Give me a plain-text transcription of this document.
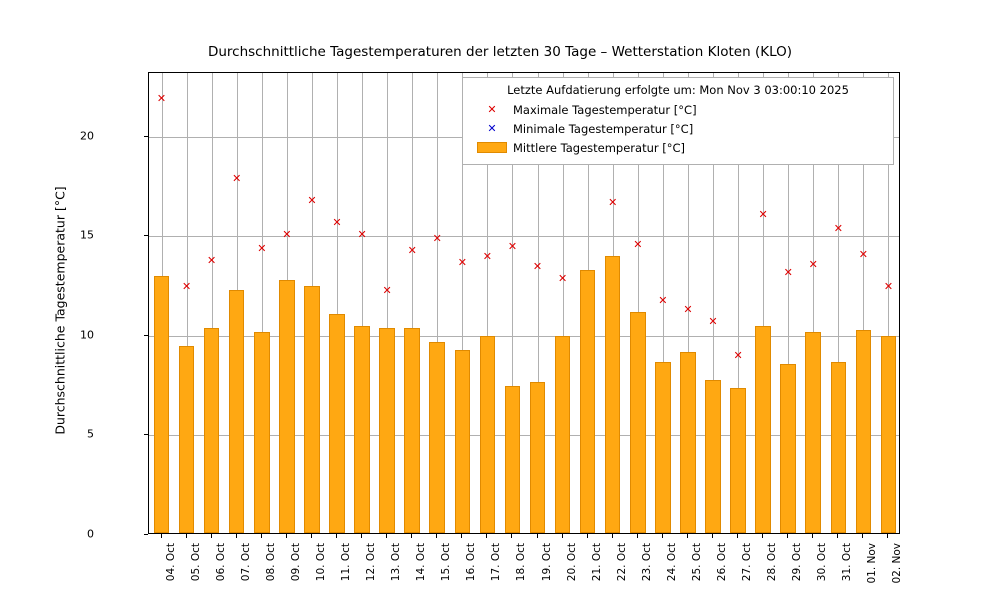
Durchschnittliche Tagestemperaturen der letzten 30 Tage – Wetterstation Kloten (KLO)
Durchschnittliche Tagestemperatur [°C]
0
5
10
15
20
04. Oct 05. Oct 06. Oct 07. Oct 08. Oct 09. Oct 10. Oct 11. Oct 12. Oct 13. Oct 14. Oct 15. Oct 16. Oct 17. Oct 18. Oct 19. Oct 20. Oct 21. Oct 22. Oct 23. Oct 24. Oct 25. Oct 26. Oct 27. Oct 28. Oct 29. Oct 30. Oct 31. Oct 01. Nov 02. Nov
✕
✕
✕
✕
✕
✕
✕
✕
✕
✕
✕
✕
✕ ✕
✕
✕
✕
✕
✕
✕
✕
✕
✕
✕
✕
✕
✕
✕
✕
Letzte Aufdatierung erfolgte um: Mon Nov 3 03:00:10 2025
✕	Maximale Tagestemperatur [°C]
✕	Minimale Tagestemperatur [°C]
Mittlere Tagestemperatur [°C]
